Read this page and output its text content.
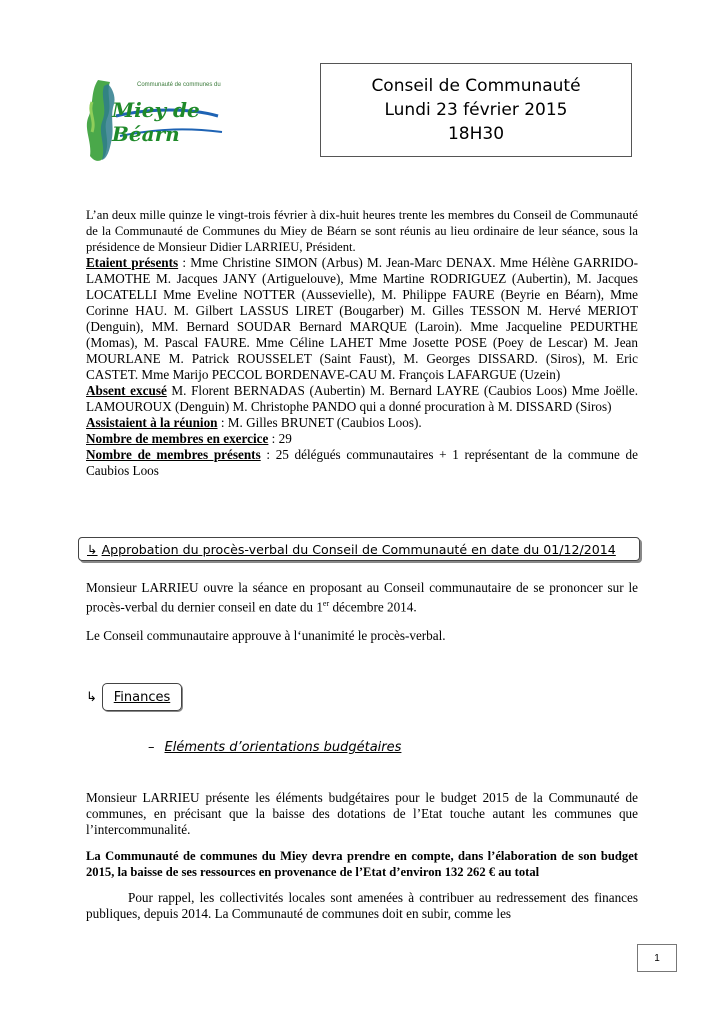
Communauté de communes du
Miey de Béarn
Conseil de Communauté
Lundi 23 février 2015
18H30
L’an deux mille quinze le vingt-trois février à dix-huit heures trente les membres du Conseil de Communauté de la Communauté de Communes du Miey de Béarn se sont réunis au lieu ordinaire de leur séance, sous la présidence de Monsieur Didier LARRIEU, Président.
Etaient présents : Mme Christine SIMON (Arbus) M. Jean-Marc DENAX. Mme Hélène GARRIDO-LAMOTHE M. Jacques JANY (Artiguelouve), Mme Martine RODRIGUEZ (Aubertin), M. Jacques LOCATELLI Mme Eveline NOTTER (Aussevielle), M. Philippe FAURE (Beyrie en Béarn), Mme Corinne HAU. M. Gilbert LASSUS LIRET (Bougarber) M. Gilles TESSON M. Hervé MERIOT (Denguin), MM. Bernard SOUDAR Bernard MARQUE (Laroin). Mme Jacqueline PEDURTHE (Momas), M. Pascal FAURE. Mme Céline LAHET Mme Josette POSE (Poey de Lescar) M. Jean MOURLANE M. Patrick ROUSSELET (Saint Faust), M. Georges DISSARD. (Siros), M. Eric CASTET. Mme Marijo PECCOL BORDENAVE-CAU M. François LAFARGUE (Uzein)
Absent excusé M. Florent BERNADAS (Aubertin) M. Bernard LAYRE (Caubios Loos) Mme Joëlle. LAMOUROUX (Denguin) M. Christophe PANDO qui a donné procuration à M. DISSARD (Siros)
Assistaient à la réunion : M. Gilles BRUNET (Caubios Loos).
Nombre de membres en exercice : 29
Nombre de membres présents : 25 délégués communautaires + 1 représentant de la commune de Caubios Loos
↳ Approbation du procès-verbal du Conseil de Communauté en date du 01/12/2014
Monsieur LARRIEU ouvre la séance en proposant au Conseil communautaire de se prononcer sur le procès-verbal du dernier conseil en date du 1er décembre 2014.
Le Conseil communautaire approuve à l‘unanimité le procès-verbal.
↳	Finances
– Eléments d’orientations budgétaires
Monsieur LARRIEU présente les éléments budgétaires pour le budget 2015 de la Communauté de communes, en précisant que la baisse des dotations de l’Etat touche autant les communes que l’intercommunalité.
La Communauté de communes du Miey devra prendre en compte, dans l’élaboration de son budget 2015, la baisse de ses ressources en provenance de l’Etat d’environ 132 262 € au total
Pour rappel, les collectivités locales sont amenées à contribuer au redressement des finances publiques, depuis 2014. La Communauté de communes doit en subir, comme les
1
